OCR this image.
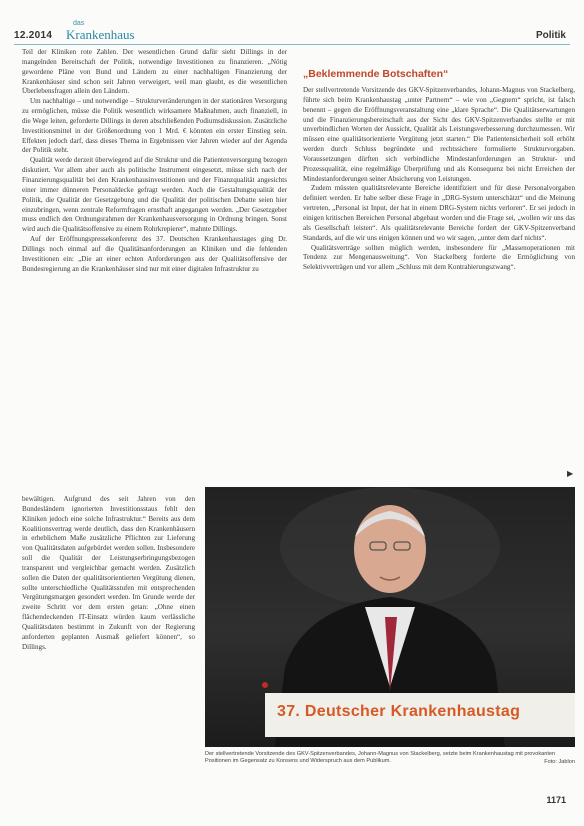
12.2014
das
Krankenhaus	Politik

Teil der Kliniken rote Zahlen. Der wesentlichen Grund dafür sieht Dillings in der mangelnden Bereitschaft der Politik, notwendige Investitionen zu finanzieren. „Nötig gewordene Pläne von Bund und Ländern zu einer nachhaltigen Finanzierung der Krankenhäuser sind schon seit Jahren verweigert, weil man glaubt, es die wesentlichen Überlebensfragen allein den Ländern.

Um nachhaltige – und notwendige – Strukturveränderungen in der stationären Versorgung zu ermöglichen, müsse die Politik wesentlich wirksamere Maßnahmen, auch finanziell, in die Wege leiten, geforderte Dillings in deren abschließenden Podiumsdiskussion. Zusätzliche Investitionsmittel in der Größenordnung von 1 Mrd. € könnten ein erster Einstieg sein. Effekten jedoch darf, dass dieses Thema in Ergebnissen vier Jahren wieder auf der Agenda der Politik steht.

Qualität werde derzeit überwiegend auf die Struktur und die Patientenversorgung bezogen diskutiert. Vor allem aber auch als politische Instrument eingesetzt, müsse sich nach der Finanzierungsqualität bei den Krankenhausinvestitionen und der Finanzqualität angesichts einer immer dünneren Personaldecke gefragt werden. Auch die Gestaltungsqualität der Politik, die Qualität der Gesetzgebung und die Qualität der politischen Debatte seien hier einzubringen, wenn zentrale Reformfragen ernsthaft angegangen werden. „Der Gesetzgeber muss endlich den Ordnungsrahmen der Krankenhausversorgung in Ordnung bringen. Sonst wird auch die Qualitätsoffensive zu einem Rohrkrepierer“, mahnte Dillings.

Auf der Eröffnungspressekonferenz des 37. Deutschen Krankenhaustages ging Dr. Dillings noch einmal auf die Qualitätsanforderungen an Kliniken und die fehlenden Investitionen ein: „Die an einer echten Anforderungen aus der Qualitätsoffensive der Bundesregierung an die Krankenhäuser sind nur mit einer digitalen Infrastruktur zu

bewältigen. Aufgrund des seit Jahren von den Bundesländern ignorierten Investitionsstaus fehlt den Kliniken jedoch eine solche Infrastruktur.“ Bereits aus dem Koalitionsvertrag werde deutlich, dass den Krankenhäusern in erheblichem Maße zusätzliche Pflichten zur Lieferung von Qualitätsdaten aufgebürdet werden sollen. Insbesondere soll die Qualität der Leistungserbringungsbezogen transparent und vergleichbar gemacht werden. Zusätzlich sollen die Daten der qualitätsorientierten Vergütung dienen, sollte unterschiedliche Qualitätsstufen mit entsprechenden Vergütungsmargen gesondert werden. Im Grunde werde der zweite Schritt vor dem ersten getan: „Ohne einen flächendeckenden IT-Einsatz würden kaum verlässliche Qualitätsdaten bestimmt in Zukunft von der Regierung anforderten geplanten Ausmaß geliefert können“, so Dillings.

„Beklemmende Botschaften“

Der stellvertretende Vorsitzende des GKV-Spitzenverbandes, Johann-Magnus von Stackelberg, führte sich beim Krankenhaustag „unter Partnern“ – wie von „Gegnern“ spricht, ist falsch benennt – gegen die Eröffnungsveranstaltung eine „klare Sprache“. Die Qualitätserwartungen und die Finanzierungsbereitschaft aus der Sicht des GKV-Spitzenverbandes stellte er mit unverbindlichen Worten der Aussicht, Qualität als Leistungsverbesserung durchzumessen. Wir müssen eine qualitätsorientierte Vergütung jetzt starten.“ Die Patientensicherheit soll erhöht werden durch Schluss begründete und rechtssichere formulierte Strukturvorgaben. Voraussetzungen dürften sich verbindliche Mindestanforderungen an Struktur- und Prozessqualität, eine regelmäßige Überprüfung und als Konsequenz bei nicht Erreichen der Mindestanforderungen seiner Absicherung von Leistungen.

Zudem müssten qualitätsrelevante Bereiche identifiziert und für diese Personalvorgaben definiert werden. Er habe selber diese Frage in „DRG-System unterschätzt“ und die Meinung vertreten, „Personal ist Input, der hat in einem DRG-System nichts verloren“. Er sei jedoch in einigen kritischen Bereichen Personal abgebaut worden und die Frage sei, „wollen wir uns das als Gesellschaft leisten“. Als qualitätsrelevante Bereiche fordert der GKV-Spitzenverband Standards, auf die wir uns einigen können und wo wir sagen, „unter dem darf nichts“.

Qualitätsverträge sollten möglich werden, insbesondere für „Massenoperationen mit Tendenz zur Mengenausweitung“. Von Stackelberg forderte die Ermöglichung von Selektivverträgen und vor allem „Schluss mit dem Kontrahierungszwang“.

▶
37. Deutscher Krankenhaustag
Der stellvertretende Vorsitzende des GKV-Spitzenverbandes, Johann-Magnus von Stackelberg, setzte beim Krankenhaustag mit provokanten Positionen im Gegensatz zu Konsens und Widerspruch aus dem Publikum.	Foto: Jablon
1171
